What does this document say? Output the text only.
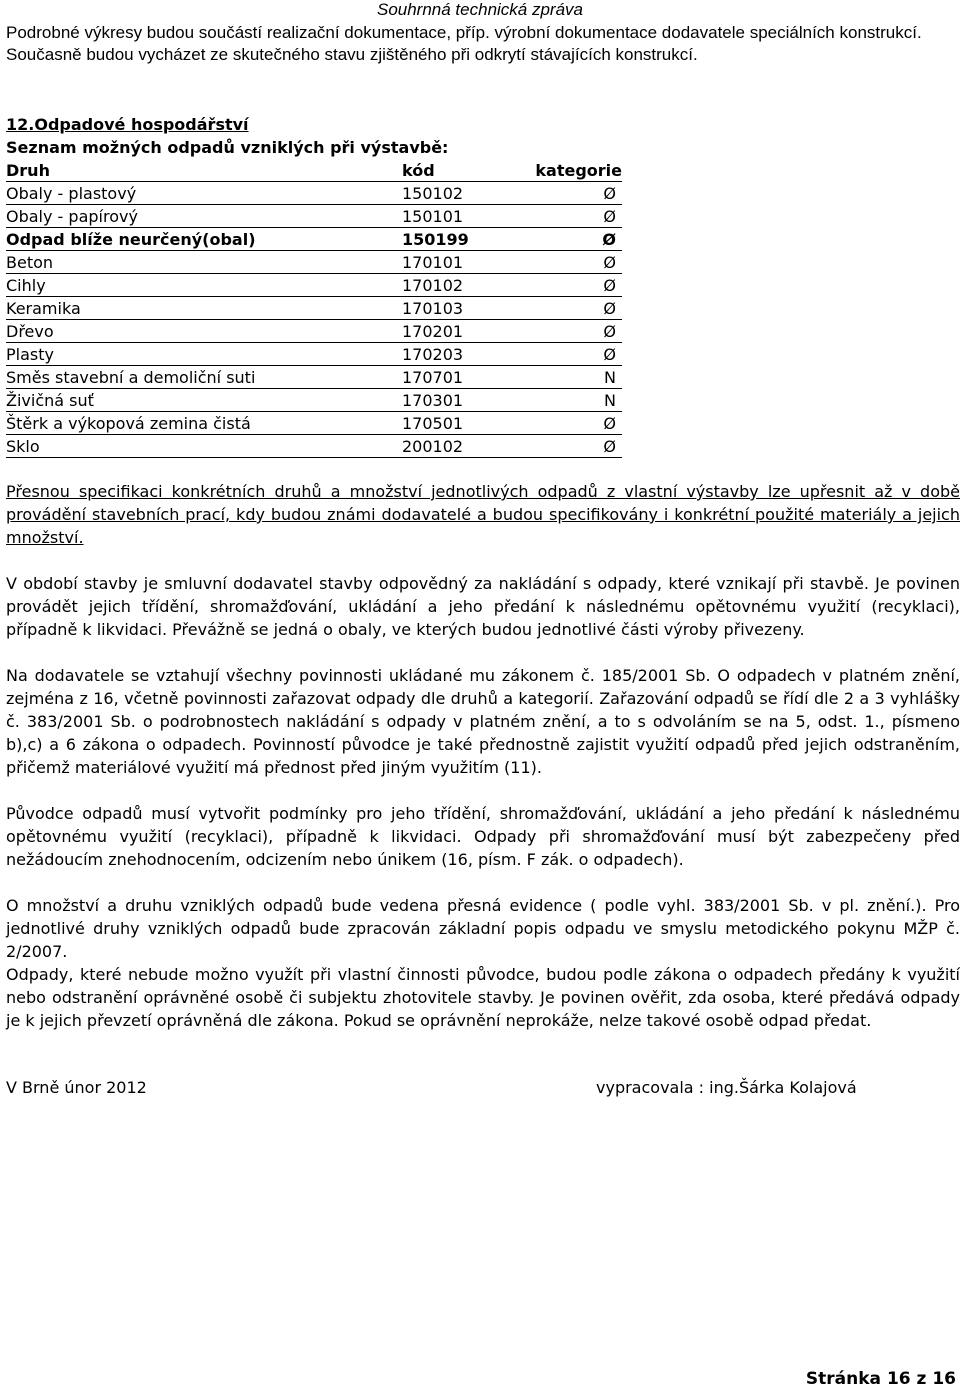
Souhrnná technická zpráva
Podrobné výkresy budou součástí realizační dokumentace, příp. výrobní dokumentace dodavatele speciálních konstrukcí. Současně budou vycházet ze skutečného stavu zjištěného při odkrytí stávajících konstrukcí.
12.Odpadové hospodářství
Seznam možných odpadů vzniklých při výstavbě:
Druh	kód	kategorie
Obaly - plastový	150102	Ø
Obaly - papírový	150101	Ø
Odpad blíže neurčený(obal)	150199	Ø
Beton	170101	Ø
Cihly	170102	Ø
Keramika	170103	Ø
Dřevo	170201	Ø
Plasty	170203	Ø
Směs stavební a demoliční suti	170701	N
Živičná suť	170301	N
Štěrk a výkopová zemina čistá	170501	Ø
Sklo	200102	Ø
Přesnou specifikaci konkrétních druhů a množství jednotlivých odpadů z vlastní výstavby lze upřesnit až v době provádění stavebních prací, kdy budou známi dodavatelé a budou specifikovány i konkrétní použité materiály a jejich množství.
V období stavby je smluvní dodavatel stavby odpovědný za nakládání s odpady, které vznikají při stavbě. Je povinen provádět jejich třídění, shromažďování, ukládání a jeho předání k následnému opětovnému využití (recyklaci), případně k likvidaci. Převážně se jedná o obaly, ve kterých budou jednotlivé části výroby přivezeny.
Na dodavatele se vztahují všechny povinnosti ukládané mu zákonem č. 185/2001 Sb. O odpadech v platném znění, zejména z 16, včetně povinnosti zařazovat odpady dle druhů a kategorií. Zařazování odpadů se řídí dle 2 a 3 vyhlášky č. 383/2001 Sb. o podrobnostech nakládání s odpady v platném znění, a to s odvoláním se na 5, odst. 1., písmeno b),c) a 6 zákona o odpadech. Povinností původce je také přednostně zajistit využití odpadů před jejich odstraněním, přičemž materiálové využití má přednost před jiným využitím (11).
Původce odpadů musí vytvořit podmínky pro jeho třídění, shromažďování, ukládání a jeho předání k následnému opětovnému využití (recyklaci), případně k likvidaci. Odpady při shromažďování musí být zabezpečeny před nežádoucím znehodnocením, odcizením nebo únikem (16, písm. F zák. o odpadech).
O množství a druhu vzniklých odpadů bude vedena přesná evidence ( podle vyhl. 383/2001 Sb. v pl. znění.). Pro jednotlivé druhy vzniklých odpadů bude zpracován základní popis odpadu ve smyslu metodického pokynu MŽP č. 2/2007.
Odpady, které nebude možno využít při vlastní činnosti původce, budou podle zákona o odpadech předány k využití nebo odstranění oprávněné osobě či subjektu zhotovitele stavby. Je povinen ověřit, zda osoba, které předává odpady je k jejich převzetí oprávněná dle zákona. Pokud se oprávnění neprokáže, nelze takové osobě odpad předat.
V Brně únor 2012	vypracovala : ing.Šárka Kolajová
Stránka 16 z 16
